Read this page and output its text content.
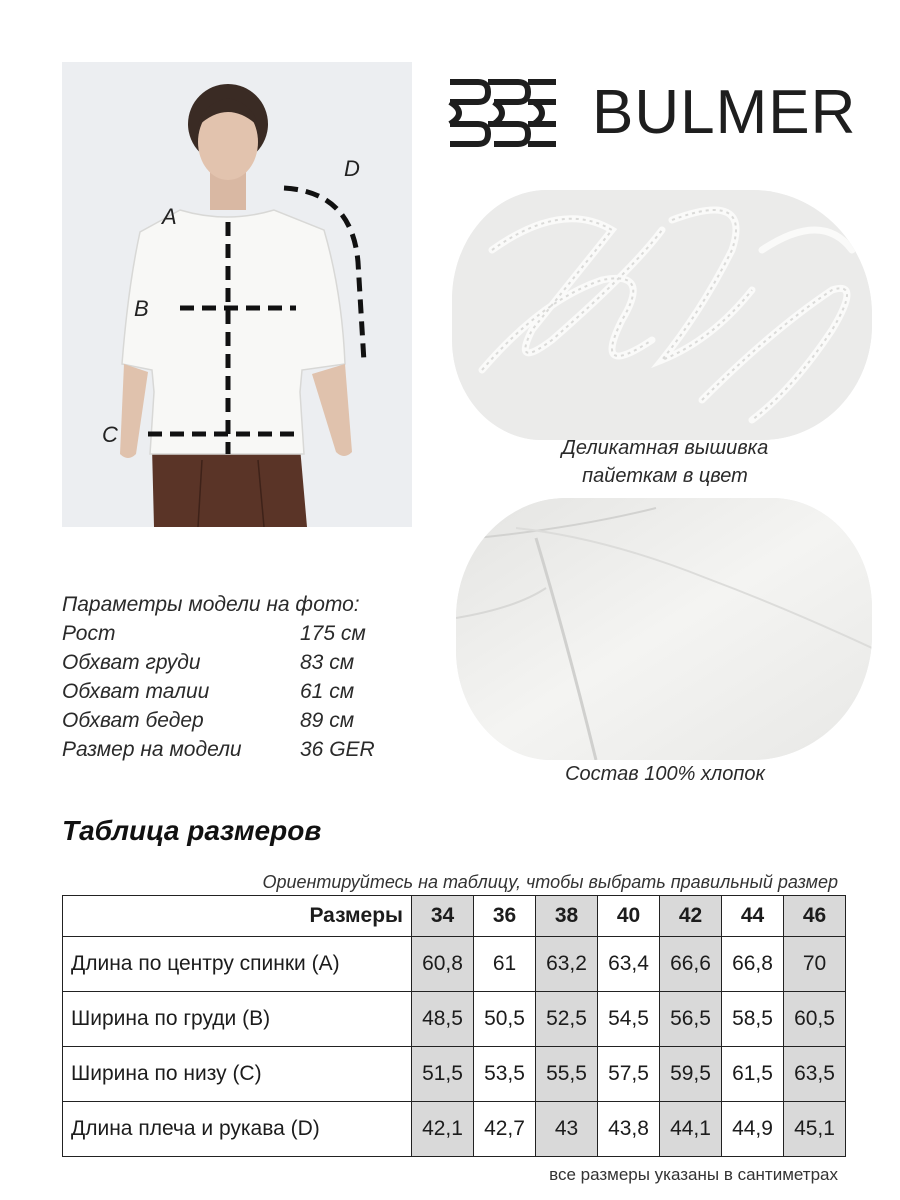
A
B
C
D
BULMER
Деликатная вышивка
пайеткам в цвет
Состав 100% хлопок
Параметры модели на фото:
Рост	175 см
Обхват груди	83 см
Обхват талии	61 см
Обхват бедер	89 см
Размер на модели	36 GER
Таблица размеров
Ориентируйтесь на таблицу, чтобы выбрать правильный размер
Размеры	34	36	38	40	42	44	46
Длина по центру спинки (A)	60,8	61	63,2	63,4	66,6	66,8	70
Ширина по груди (B)	48,5	50,5	52,5	54,5	56,5	58,5	60,5
Ширина по низу (C)	51,5	53,5	55,5	57,5	59,5	61,5	63,5
Длина плеча и рукава (D)	42,1	42,7	43	43,8	44,1	44,9	45,1
все размеры указаны в сантиметрах
